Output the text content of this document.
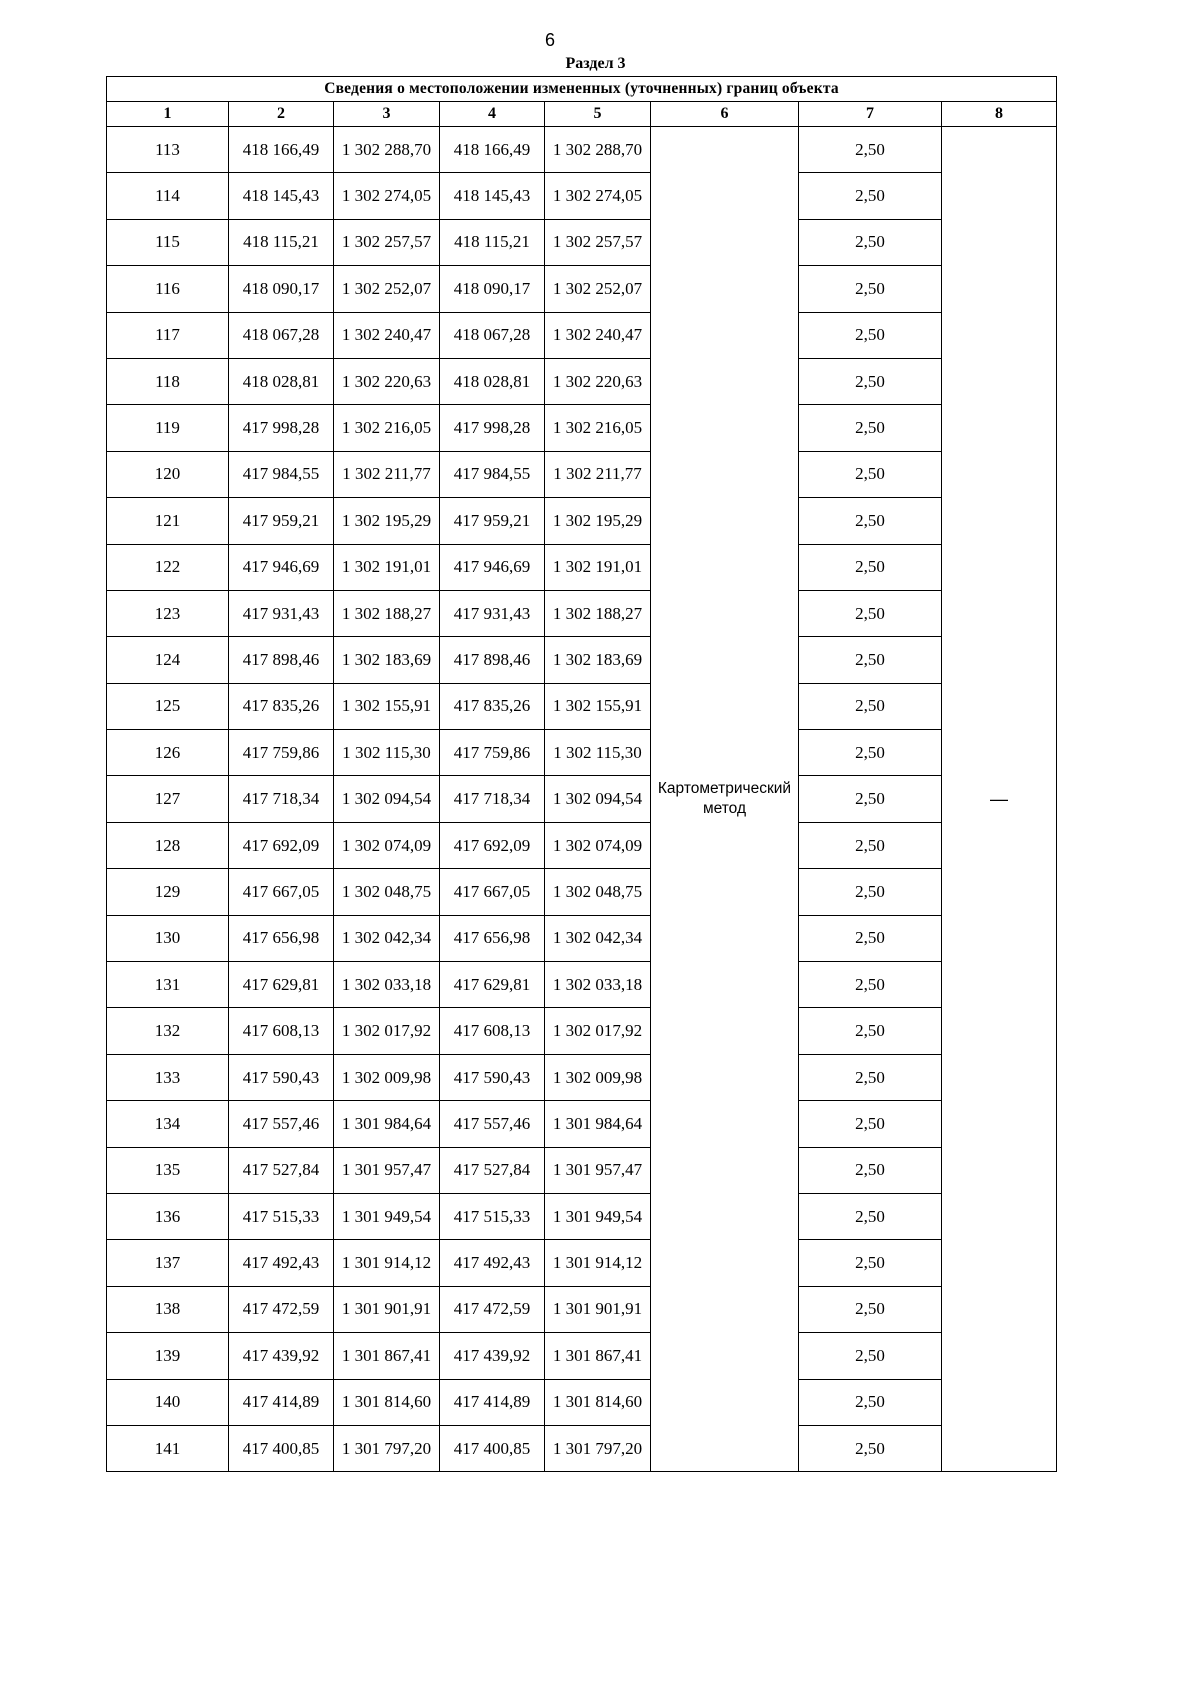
6
Раздел 3
Сведения о местоположении измененных (уточненных) границ объекта							
1	2	3	4	5	6	7	8
113	418 166,49	1 302 288,70	418 166,49	1 302 288,70	Картометрический метод	2,50	—
114	418 145,43	1 302 274,05	418 145,43	1 302 274,05		2,50	
115	418 115,21	1 302 257,57	418 115,21	1 302 257,57		2,50	
116	418 090,17	1 302 252,07	418 090,17	1 302 252,07		2,50	
117	418 067,28	1 302 240,47	418 067,28	1 302 240,47		2,50	
118	418 028,81	1 302 220,63	418 028,81	1 302 220,63		2,50	
119	417 998,28	1 302 216,05	417 998,28	1 302 216,05		2,50	
120	417 984,55	1 302 211,77	417 984,55	1 302 211,77		2,50	
121	417 959,21	1 302 195,29	417 959,21	1 302 195,29		2,50	
122	417 946,69	1 302 191,01	417 946,69	1 302 191,01		2,50	
123	417 931,43	1 302 188,27	417 931,43	1 302 188,27		2,50	
124	417 898,46	1 302 183,69	417 898,46	1 302 183,69		2,50	
125	417 835,26	1 302 155,91	417 835,26	1 302 155,91		2,50	
126	417 759,86	1 302 115,30	417 759,86	1 302 115,30		2,50	
127	417 718,34	1 302 094,54	417 718,34	1 302 094,54		2,50	
128	417 692,09	1 302 074,09	417 692,09	1 302 074,09		2,50	
129	417 667,05	1 302 048,75	417 667,05	1 302 048,75		2,50	
130	417 656,98	1 302 042,34	417 656,98	1 302 042,34		2,50	
131	417 629,81	1 302 033,18	417 629,81	1 302 033,18		2,50	
132	417 608,13	1 302 017,92	417 608,13	1 302 017,92		2,50	
133	417 590,43	1 302 009,98	417 590,43	1 302 009,98		2,50	
134	417 557,46	1 301 984,64	417 557,46	1 301 984,64		2,50	
135	417 527,84	1 301 957,47	417 527,84	1 301 957,47		2,50	
136	417 515,33	1 301 949,54	417 515,33	1 301 949,54		2,50	
137	417 492,43	1 301 914,12	417 492,43	1 301 914,12		2,50	
138	417 472,59	1 301 901,91	417 472,59	1 301 901,91		2,50	
139	417 439,92	1 301 867,41	417 439,92	1 301 867,41		2,50	
140	417 414,89	1 301 814,60	417 414,89	1 301 814,60		2,50	
141	417 400,85	1 301 797,20	417 400,85	1 301 797,20		2,50	
